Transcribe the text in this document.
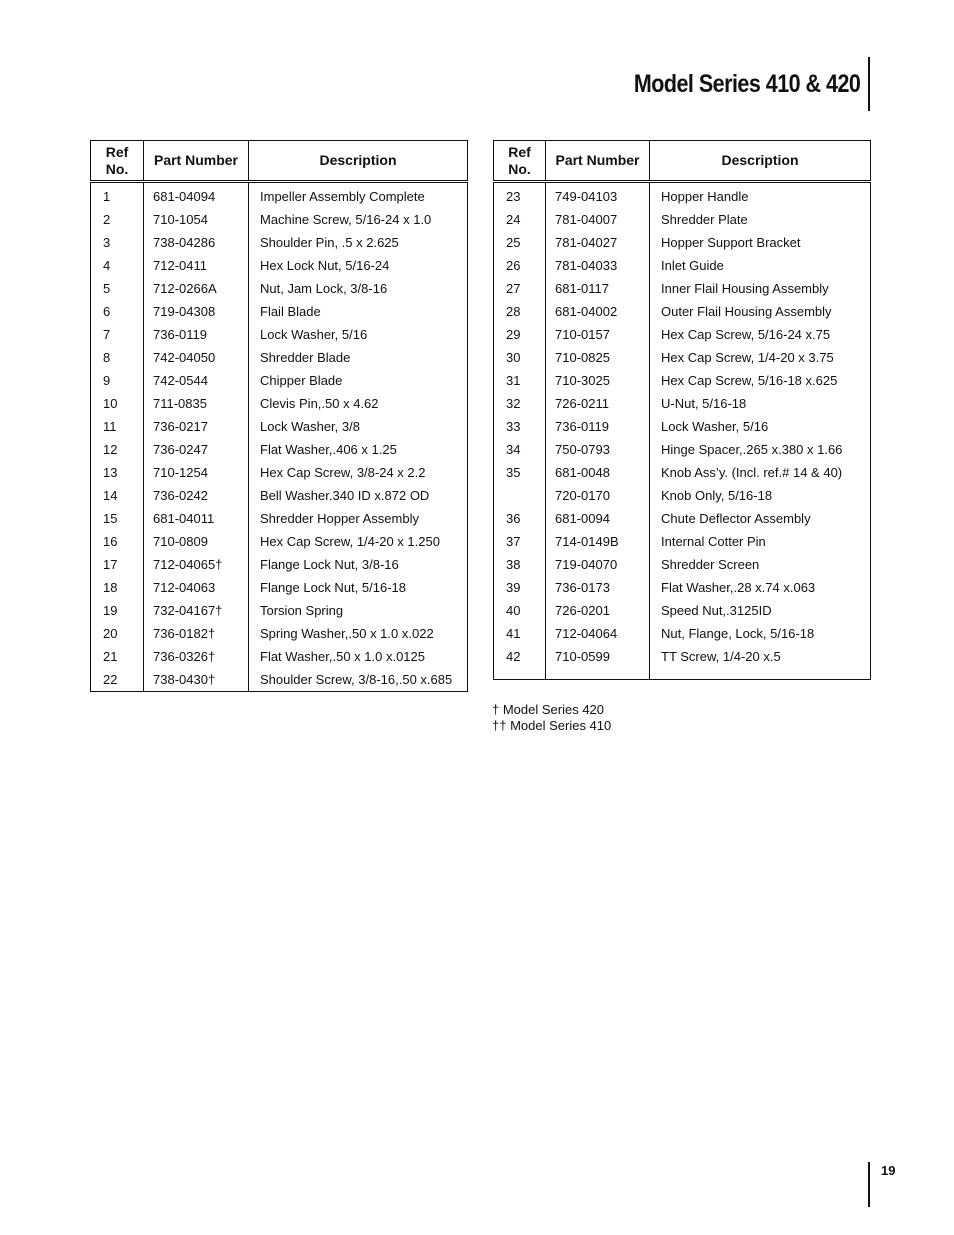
Model Series 410 & 420
Ref
No.	Part Number	Description
1	681-04094	Impeller Assembly Complete
2	710-1054	Machine Screw, 5/16-24 x 1.0
3	738-04286	Shoulder Pin, .5 x 2.625
4	712-0411	Hex Lock Nut, 5/16-24
5	712-0266A	Nut, Jam Lock, 3/8-16
6	719-04308	Flail Blade
7	736-0119	Lock Washer, 5/16
8	742-04050	Shredder Blade
9	742-0544	Chipper Blade
10	711-0835	Clevis Pin,.50 x 4.62
11	736-0217	Lock Washer, 3/8
12	736-0247	Flat Washer,.406 x 1.25
13	710-1254	Hex Cap Screw, 3/8-24 x 2.2
14	736-0242	Bell Washer.340 ID x.872 OD
15	681-04011	Shredder Hopper Assembly
16	710-0809	Hex Cap Screw, 1/4-20 x 1.250
17	712-04065†	Flange Lock Nut, 3/8-16
18	712-04063	Flange Lock Nut, 5/16-18
19	732-04167†	Torsion Spring
20	736-0182†	Spring Washer,.50 x 1.0 x.022
21	736-0326†	Flat Washer,.50 x 1.0 x.0125
22	738-0430†	Shoulder Screw, 3/8-16,.50 x.685
Ref
No.	Part Number	Description
23	749-04103	Hopper Handle
24	781-04007	Shredder Plate
25	781-04027	Hopper Support Bracket
26	781-04033	Inlet Guide
27	681-0117	Inner Flail Housing Assembly
28	681-04002	Outer Flail Housing Assembly
29	710-0157	Hex Cap Screw, 5/16-24 x.75
30	710-0825	Hex Cap Screw, 1/4-20 x 3.75
31	710-3025	Hex Cap Screw, 5/16-18 x.625
32	726-0211	U-Nut, 5/16-18
33	736-0119	Lock Washer, 5/16
34	750-0793	Hinge Spacer,.265 x.380 x 1.66
35	681-0048	Knob Ass’y. (Incl. ref.# 14 & 40)
	720-0170	Knob Only, 5/16-18
36	681-0094	Chute Deflector Assembly
37	714-0149B	Internal Cotter Pin
38	719-04070	Shredder Screen
39	736-0173	Flat Washer,.28 x.74 x.063
40	726-0201	Speed Nut,.3125ID
41	712-04064	Nut, Flange, Lock, 5/16-18
42	710-0599	TT Screw, 1/4-20 x.5

† Model Series 420
†† Model Series 410
19
